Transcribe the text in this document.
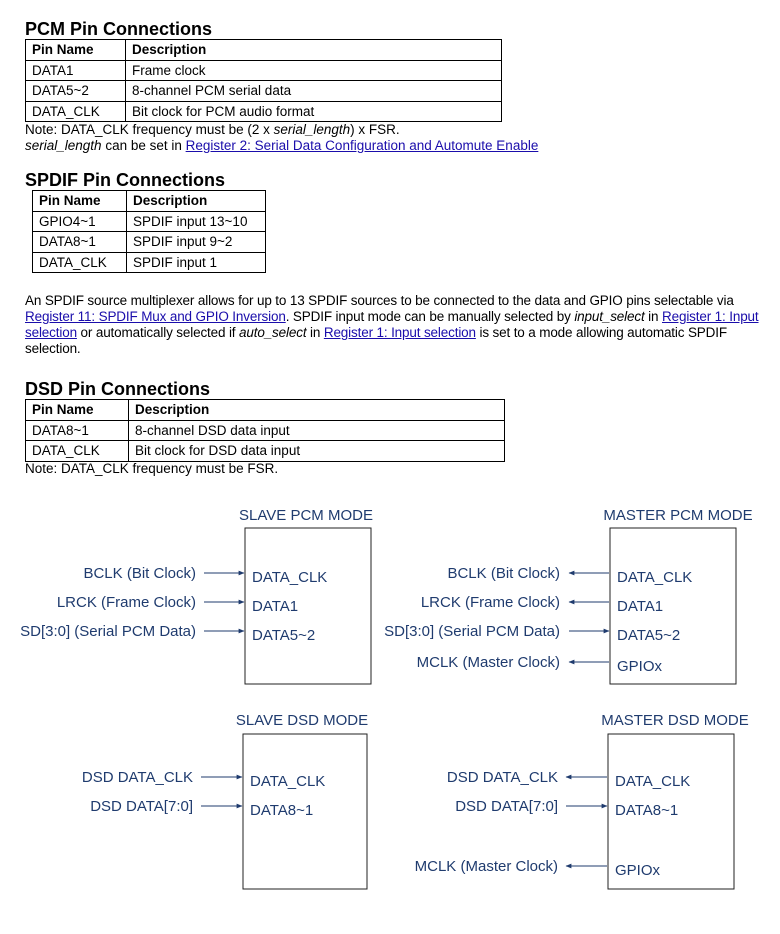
PCM Pin Connections
Pin Name	Description
DATA1	Frame clock
DATA5~2	8-channel PCM serial data
DATA_CLK	Bit clock for PCM audio format

Note: DATA_CLK frequency must be (2 x serial_length) x FSR.

serial_length can be set in Register 2: Serial Data Configuration and Automute Enable

SPDIF Pin Connections
Pin Name	Description
GPIO4~1	SPDIF input 13~10
DATA8~1	SPDIF input 9~2
DATA_CLK	SPDIF input 1

An SPDIF source multiplexer allows for up to 13 SPDIF sources to be connected to the data and GPIO pins selectable via Register 11: SPDIF Mux and GPIO Inversion. SPDIF input mode can be manually selected by input_select in Register 1: Input selection or automatically selected if auto_select in Register 1: Input selection is set to a mode allowing automatic SPDIF selection.

DSD Pin Connections
Pin Name	Description
DATA8~1	8-channel DSD data input
DATA_CLK	Bit clock for DSD data input

Note: DATA_CLK frequency must be FSR.

SLAVE PCM MODE
BCLK (Bit Clock)	DATA_CLK
LRCK (Frame Clock)	DATA1
SD[3:0] (Serial PCM Data)	DATA5~2
MASTER PCM MODE
BCLK (Bit Clock)	DATA_CLK
LRCK (Frame Clock)	DATA1
SD[3:0] (Serial PCM Data)	DATA5~2
MCLK (Master Clock)	GPIOx
SLAVE DSD MODE
DSD DATA_CLK	DATA_CLK
DSD DATA[7:0]	DATA8~1
MASTER DSD MODE
DSD DATA_CLK	DATA_CLK
DSD DATA[7:0]	DATA8~1
MCLK (Master Clock)	GPIOx
